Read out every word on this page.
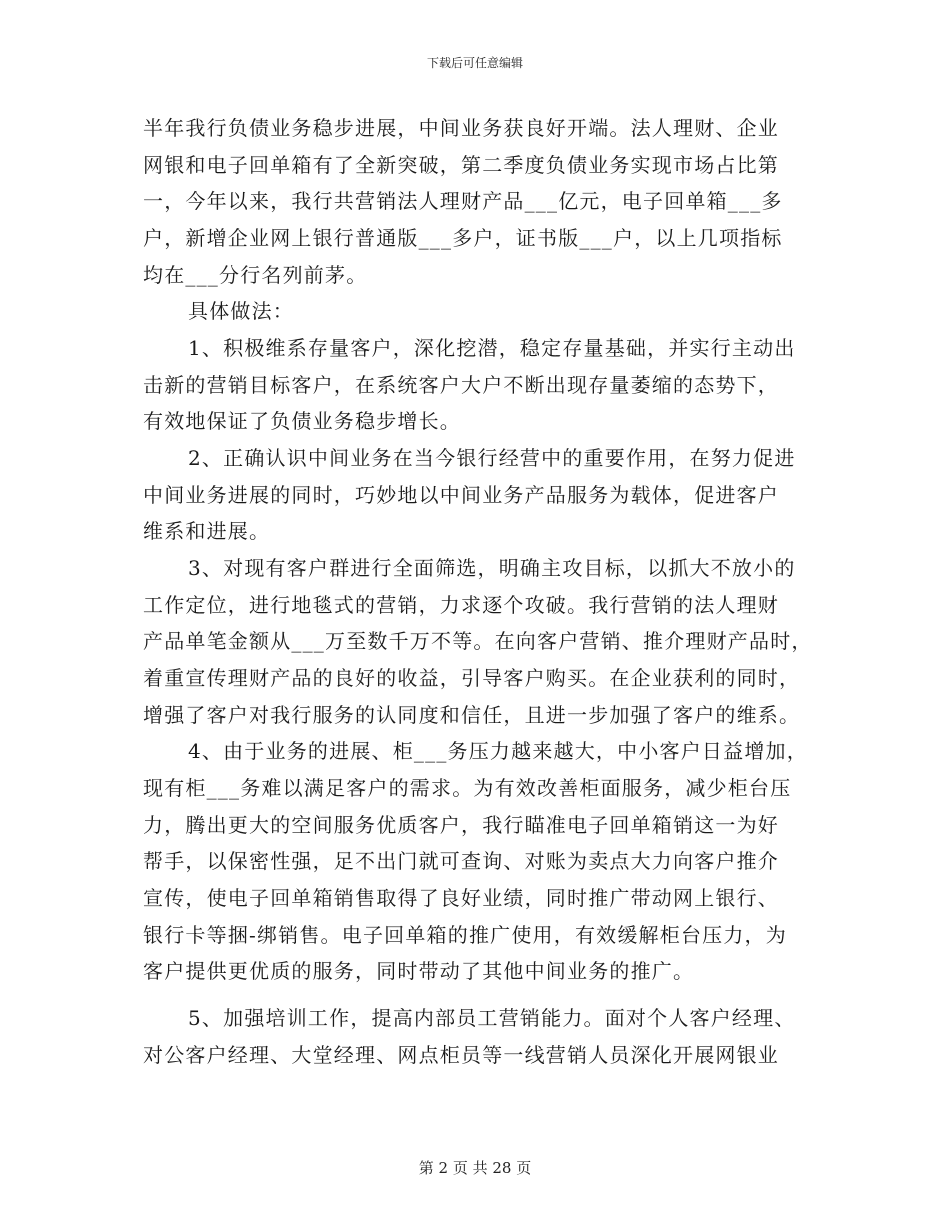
下载后可任意编辑
半年我行负债业务稳步进展，中间业务获良好开端。法人理财、企业
网银和电子回单箱有了全新突破，第二季度负债业务实现市场占比第
一，今年以来，我行共营销法人理财产品___亿元，电子回单箱___多
户，新增企业网上银行普通版___多户，证书版___户，以上几项指标
均在___分行名列前茅。
具体做法：
1、积极维系存量客户，深化挖潜，稳定存量基础，并实行主动出
击新的营销目标客户，在系统客户大户不断出现存量萎缩的态势下，
有效地保证了负债业务稳步增长。
2、正确认识中间业务在当今银行经营中的重要作用，在努力促进
中间业务进展的同时，巧妙地以中间业务产品服务为载体，促进客户
维系和进展。
3、对现有客户群进行全面筛选，明确主攻目标，以抓大不放小的
工作定位，进行地毯式的营销，力求逐个攻破。我行营销的法人理财
产品单笔金额从___万至数千万不等。在向客户营销、推介理财产品时，
着重宣传理财产品的良好的收益，引导客户购买。在企业获利的同时，
增强了客户对我行服务的认同度和信任，且进一步加强了客户的维系。
4、由于业务的进展、柜___务压力越来越大，中小客户日益增加，
现有柜___务难以满足客户的需求。为有效改善柜面服务，减少柜台压
力，腾出更大的空间服务优质客户，我行瞄准电子回单箱销这一为好
帮手，以保密性强，足不出门就可查询、对账为卖点大力向客户推介
宣传，使电子回单箱销售取得了良好业绩，同时推广带动网上银行、
银行卡等捆-绑销售。电子回单箱的推广使用，有效缓解柜台压力，为
客户提供更优质的服务，同时带动了其他中间业务的推广。
5、加强培训工作，提高内部员工营销能力。面对个人客户经理、
对公客户经理、大堂经理、网点柜员等一线营销人员深化开展网银业
第 2 页 共 28 页
